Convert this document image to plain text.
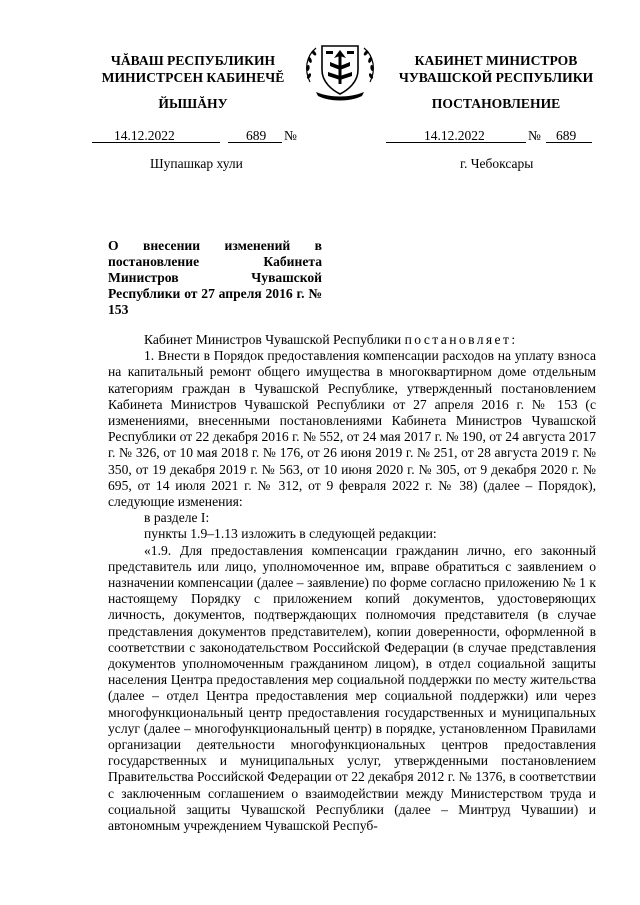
ЧĂВАШ РЕСПУБЛИКИН
МИНИСТРСЕН КАБИНЕЧĔ
ЙЫШĂНУ
КАБИНЕТ МИНИСТРОВ
ЧУВАШСКОЙ РЕСПУБЛИКИ
ПОСТАНОВЛЕНИЕ
14.12.2022	689 №	14.12.2022	№ 689
Шупашкар хули	г. Чебоксары
О внесении изменений в постановление Кабинета Министров Чувашской Республики от 27 апреля 2016 г. № 153

Кабинет Министров Чувашской Республики постановляет:

1. Внести в Порядок предоставления компенсации расходов на уплату взноса на капитальный ремонт общего имущества в многоквартирном доме отдельным категориям граждан в Чувашской Республике, утвержденный постановлением Кабинета Министров Чувашской Республики от 27 апреля 2016 г. № 153 (с изменениями, внесенными постановлениями Кабинета Министров Чувашской Республики от 22 декабря 2016 г. № 552, от 24 мая 2017 г. № 190, от 24 августа 2017 г. № 326, от 10 мая 2018 г. № 176, от 26 июня 2019 г. № 251, от 28 августа 2019 г. № 350, от 19 декабря 2019 г. № 563, от 10 июня 2020 г. № 305, от 9 декабря 2020 г. № 695, от 14 июля 2021 г. № 312, от 9 февраля 2022 г. № 38) (далее – Порядок), следующие изменения:

в разделе I:

пункты 1.9–1.13 изложить в следующей редакции:

«1.9. Для предоставления компенсации гражданин лично, его законный представитель или лицо, уполномоченное им, вправе обратиться с заявлением о назначении компенсации (далее – заявление) по форме согласно приложению № 1 к настоящему Порядку с приложением копий документов, удостоверяющих личность, документов, подтверждающих полномочия представителя (в случае представления документов представителем), копии доверенности, оформленной в соответствии с законодательством Российской Федерации (в случае представления документов уполномоченным гражданином лицом), в отдел социальной защиты населения Центра предоставления мер социальной поддержки по месту жительства (далее – отдел Центра предоставления мер социальной поддержки) или через многофункциональный центр предоставления государственных и муниципальных услуг (далее – многофункциональный центр) в порядке, установленном Правилами организации деятельности многофункциональных центров предоставления государственных и муниципальных услуг, утвержденными постановлением Правительства Российской Федерации от 22 декабря 2012 г. № 1376, в соответствии с заключенным соглашением о взаимодействии между Министерством труда и социальной защиты Чувашской Республики (далее – Минтруд Чувашии) и автономным учреждением Чувашской Респуб-
